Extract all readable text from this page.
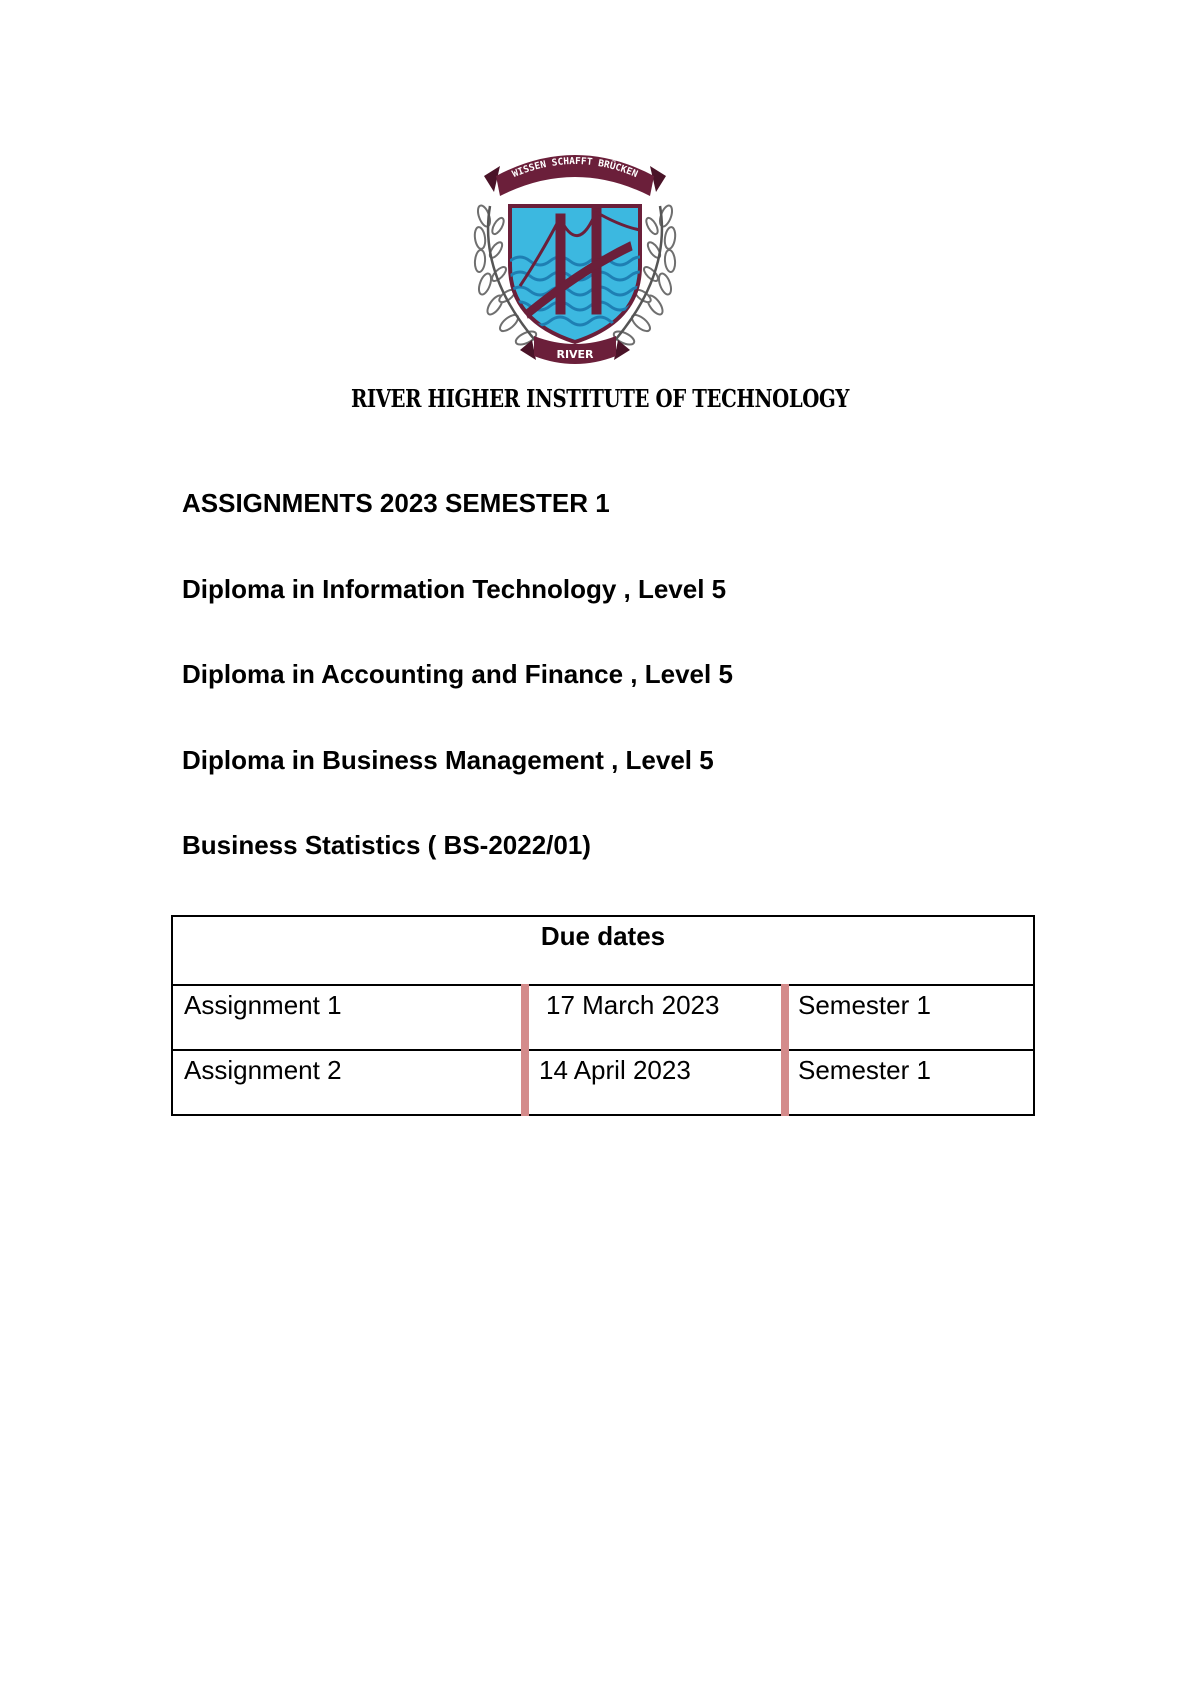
WISSEN SCHAFFT BRÜCKEN
RIVER
RIVER HIGHER INSTITUTE OF TECHNOLOGY
ASSIGNMENTS 2023 SEMESTER 1
Diploma in Information Technology , Level 5
Diploma in Accounting and Finance , Level 5
Diploma in Business Management , Level 5
Business Statistics ( BS-2022/01)
Due dates		

Assignment 1	17 March 2023	Semester 1

Assignment 2	14 April 2023	Semester 1
